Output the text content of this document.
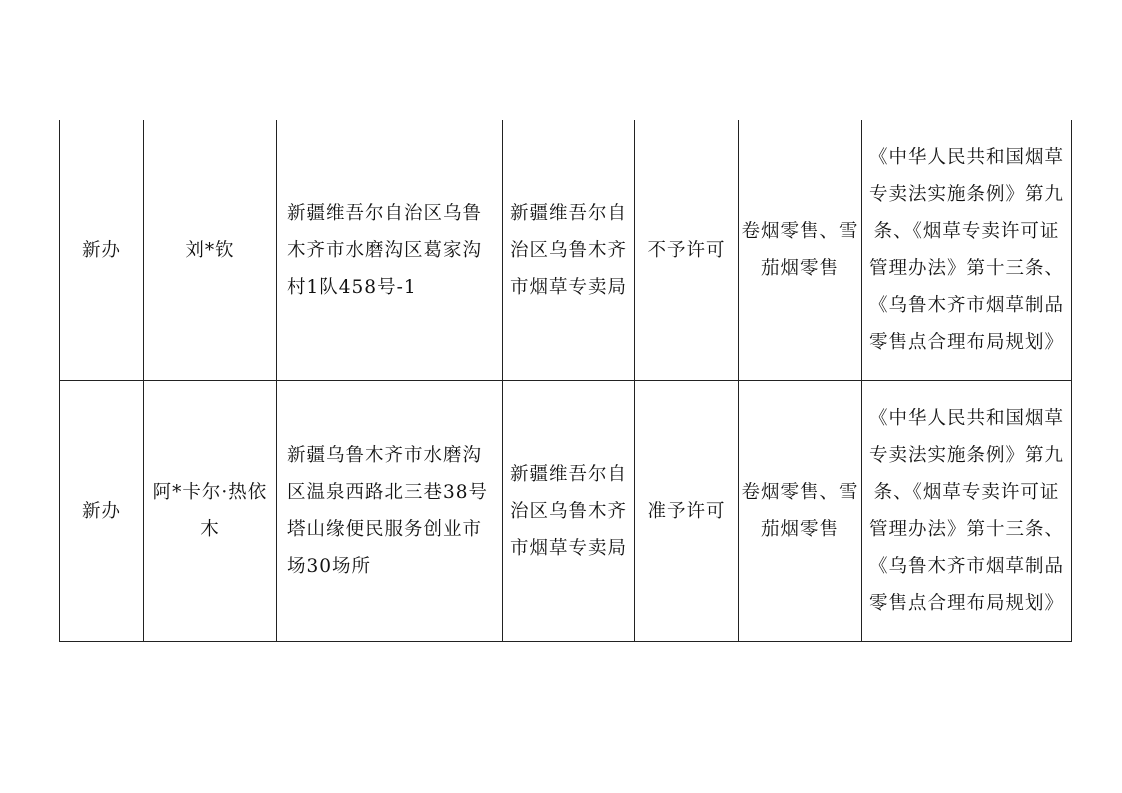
新办	刘*钦	新疆维吾尔自治区乌鲁木齐市水磨沟区葛家沟村1队458号-1	新疆维吾尔自治区乌鲁木齐市烟草专卖局	不予许可	卷烟零售、雪茄烟零售	《中华人民共和国烟草专卖法实施条例》第九条、《烟草专卖许可证管理办法》第十三条、《乌鲁木齐市烟草制品零售点合理布局规划》

新办	阿*卡尔·热依木	新疆乌鲁木齐市水磨沟区温泉西路北三巷38号塔山缘便民服务创业市场30场所	新疆维吾尔自治区乌鲁木齐市烟草专卖局	准予许可	卷烟零售、雪茄烟零售	《中华人民共和国烟草专卖法实施条例》第九条、《烟草专卖许可证管理办法》第十三条、《乌鲁木齐市烟草制品零售点合理布局规划》
